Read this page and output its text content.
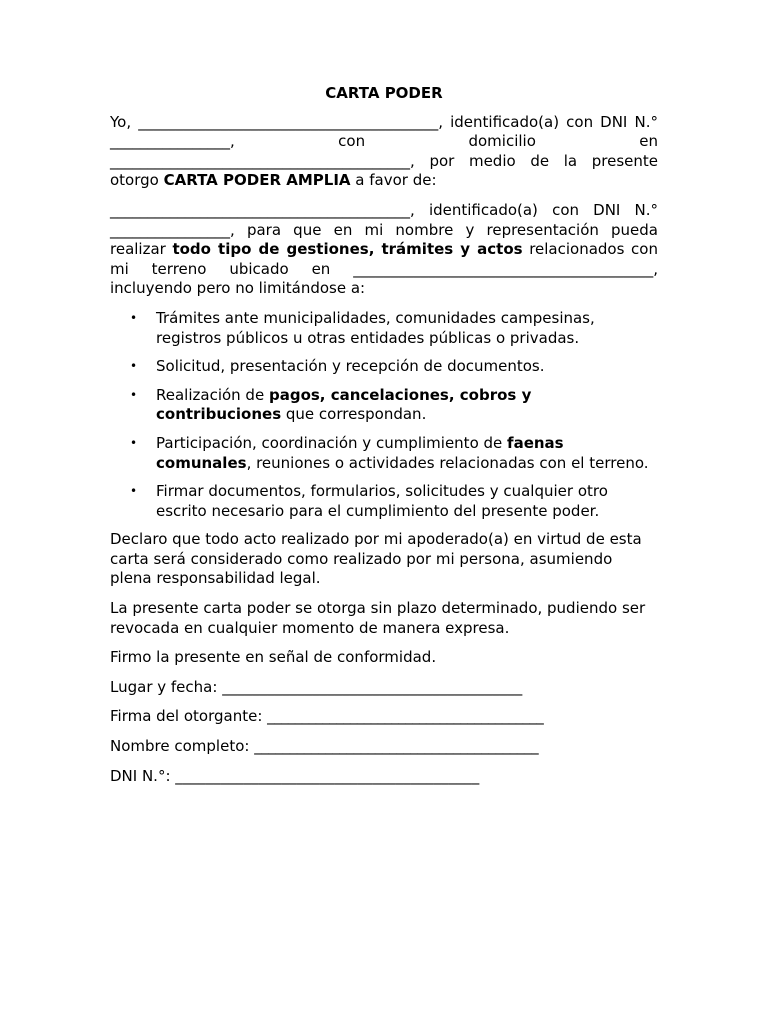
CARTA PODER

Yo, ________________________________________, identificado(a) con DNI N.° ________________,	con	domicilio	en ________________________________________, por medio de la presente otorgo CARTA PODER AMPLIA a favor de:

________________________________________, identificado(a) con DNI N.° ________________, para que en mi nombre y representación pueda realizar todo tipo de gestiones, trámites y actos relacionados con mi terreno ubicado en ________________________________________, incluyendo pero no limitándose a:

• Trámites ante municipalidades, comunidades campesinas, registros públicos u otras entidades públicas o privadas.
• Solicitud, presentación y recepción de documentos.
• Realización de pagos, cancelaciones, cobros y contribuciones que correspondan.
• Participación, coordinación y cumplimiento de faenas comunales, reuniones o actividades relacionadas con el terreno.
• Firmar documentos, formularios, solicitudes y cualquier otro escrito necesario para el cumplimiento del presente poder.

Declaro que todo acto realizado por mi apoderado(a) en virtud de esta carta será considerado como realizado por mi persona, asumiendo plena responsabilidad legal.

La presente carta poder se otorga sin plazo determinado, pudiendo ser revocada en cualquier momento de manera expresa.

Firmo la presente en señal de conformidad.

Lugar y fecha: ________________________________________

Firma del otorgante: ________________________________________

Nombre completo: ________________________________________

DNI N.°: ________________________________________
